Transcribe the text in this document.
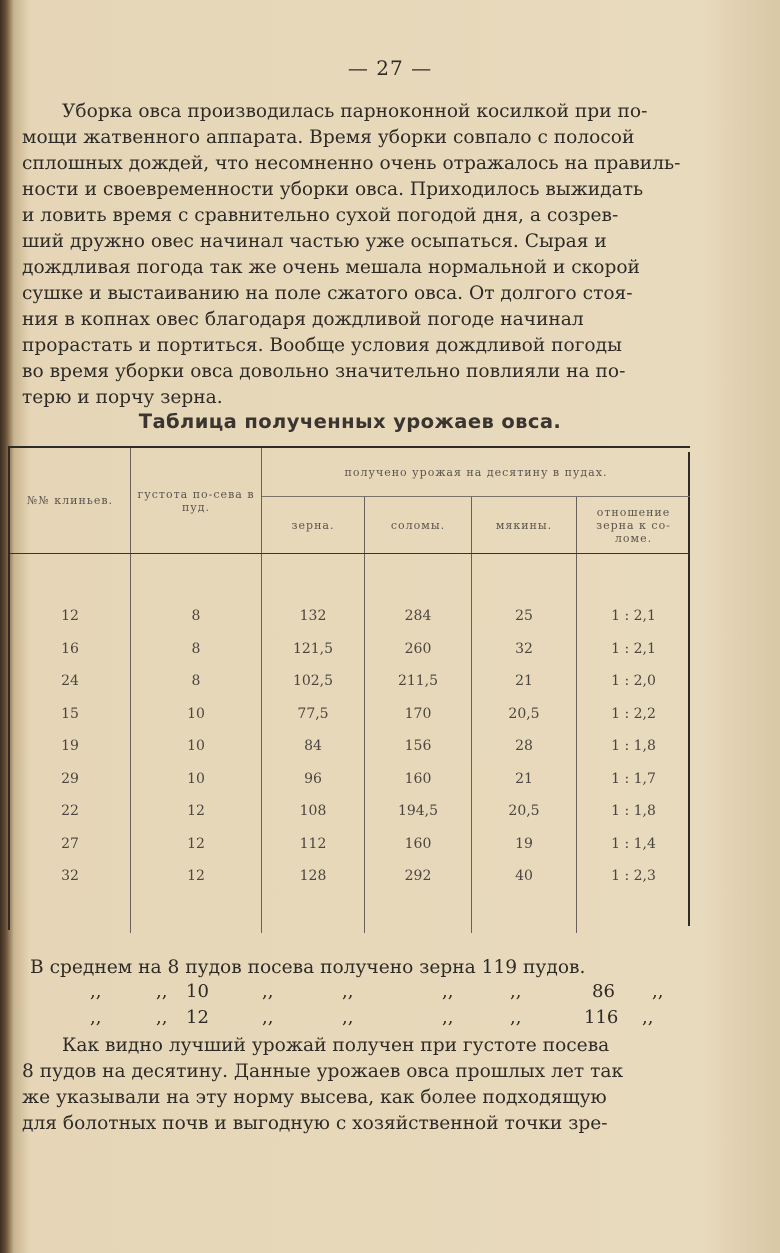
— 27 —

Уборка овса производилась парноконной косилкой при по-

мощи жатвенного аппарата. Время уборки совпало с полосой

сплошных дождей, что несомненно очень отражалось на правиль-

ности и своевременности уборки овса. Приходилось выжидать

и ловить время с сравнительно сухой погодой дня, а созрев-

ший дружно овес начинал частью уже осыпаться. Сырая и

дождливая погода так же очень мешала нормальной и скорой

сушке и выстаиванию на поле сжатого овса. От долгого стоя-

ния в копнах овес благодаря дождливой погоде начинал

прорастать и портиться. Вообще условия дождливой погоды

во время уборки овса довольно значительно повлияли на по-

терю и порчу зерна.

Таблица полученных урожаев овса.
№№ клиньев.	густота по-сева в пуд.	получено урожая на десятину в пудах.			
		зерна.	соломы.	мякины.	отношение зерна к со-ломе.

12	8	132	284	25	1 : 2,1
16	8	121,5	260	32	1 : 2,1
24	8	102,5	211,5	21	1 : 2,0
15	10	77,5	170	20,5	1 : 2,2
19	10	84	156	28	1 : 1,8
29	10	96	160	21	1 : 1,7
22	12	108	194,5	20,5	1 : 1,8
27	12	112	160	19	1 : 1,4
32	12	128	292	40	1 : 2,3

В среднем на 8 пудов посева получено зерна 119 пудов.

,,	,, 10	,,	,,	,,	,,	86 ,,
,,	,, 12	,,	,,	,,	,,	116 ,,

Как видно лучший урожай получен при густоте посева

8 пудов на десятину. Данные урожаев овса прошлых лет так

же указывали на эту норму высева, как более подходящую

для болотных почв и выгодную с хозяйственной точки зре-
